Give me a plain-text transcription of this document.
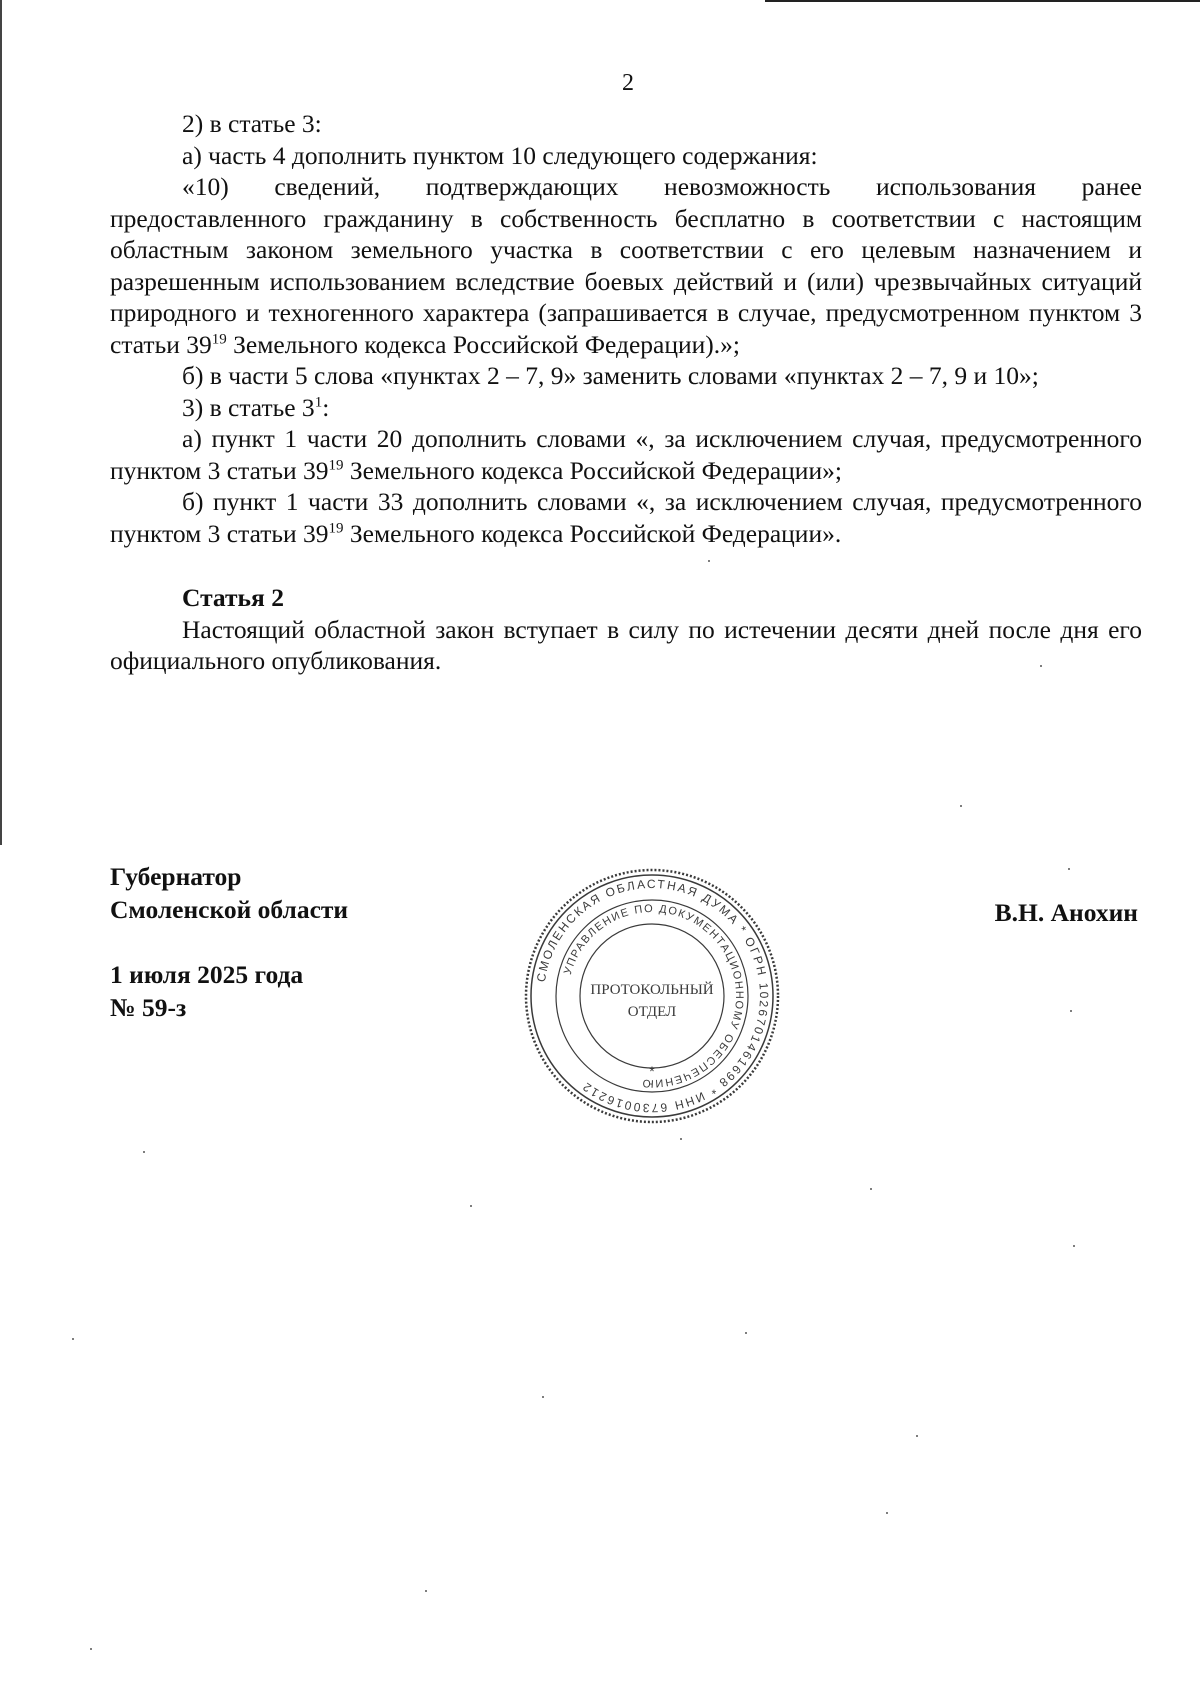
2

2) в статье 3:

а) часть 4 дополнить пунктом 10 следующего содержания:

«10) сведений, подтверждающих невозможность использования ранее предоставленного гражданину в собственность бесплатно в соответствии с настоящим областным законом земельного участка в соответствии с его целевым назначением и разрешенным использованием вследствие боевых действий и (или) чрезвычайных ситуаций природного и техногенного характера (запрашивается в случае, предусмотренном пунктом 3 статьи $39^{19}$ Земельного кодекса Российской Федерации).»;

б) в части 5 слова «пунктах 2 – 7, 9» заменить словами «пунктах 2 – 7, 9 и 10»;

3) в статье $3^1$:

а) пункт 1 части 20 дополнить словами «, за исключением случая, предусмотренного пунктом 3 статьи $39^{19}$ Земельного кодекса Российской Федерации»;

б) пункт 1 части 33 дополнить словами «, за исключением случая, предусмотренного пунктом 3 статьи $39^{19}$ Земельного кодекса Российской Федерации».

Статья 2

Настоящий областной закон вступает в силу по истечении десяти дней после дня его официального опубликования.

Губернатор
Смоленской области
1 июля 2025 года
№ 59-з
В.Н. Анохин
СМОЛЕНСКАЯ ОБЛАСТНАЯ ДУМА * ОГРН 1026701461698 * ИНН 6730016212
УПРАВЛЕНИЕ ПО ДОКУМЕНТАЦИОННОМУ ОБЕСПЕЧЕНИЮ
ПРОТОКОЛЬНЫЙ
ОТДЕЛ
*
